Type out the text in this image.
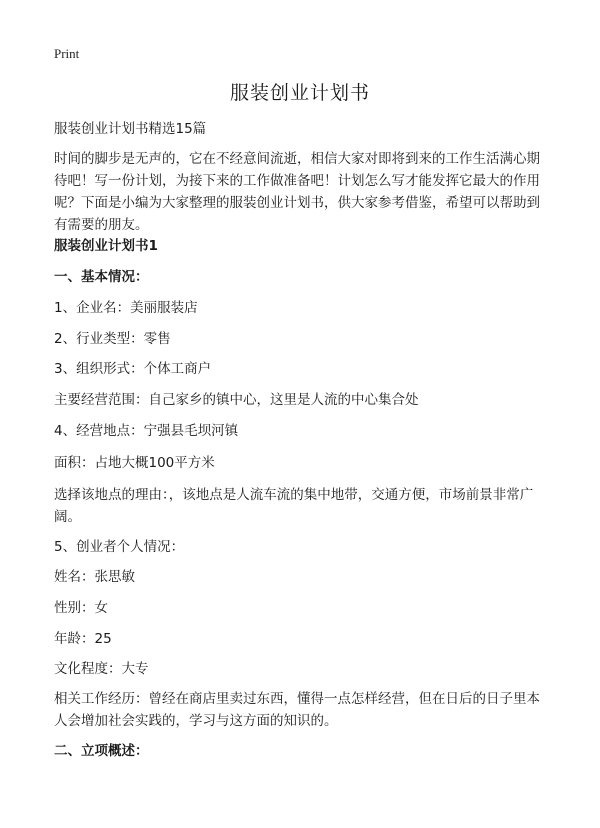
Print
服装创业计划书
服装创业计划书精选15篇
时间的脚步是无声的，它在不经意间流逝，相信大家对即将到来的工作生活满心期待吧！写一份计划，为接下来的工作做准备吧！计划怎么写才能发挥它最大的作用呢？下面是小编为大家整理的服装创业计划书，供大家参考借鉴，希望可以帮助到有需要的朋友。
服装创业计划书1
一、基本情况：
1、企业名：美丽服装店
2、行业类型：零售
3、组织形式：个体工商户
主要经营范围：自己家乡的镇中心，这里是人流的中心集合处
4、经营地点：宁强县毛坝河镇
面积：占地大概100平方米
选择该地点的理由：，该地点是人流车流的集中地带，交通方便，市场前景非常广阔。
5、创业者个人情况：
姓名：张思敏
性别：女
年龄：25
文化程度：大专
相关工作经历：曾经在商店里卖过东西，懂得一点怎样经营，但在日后的日子里本人会增加社会实践的，学习与这方面的知识的。
二、立项概述：
